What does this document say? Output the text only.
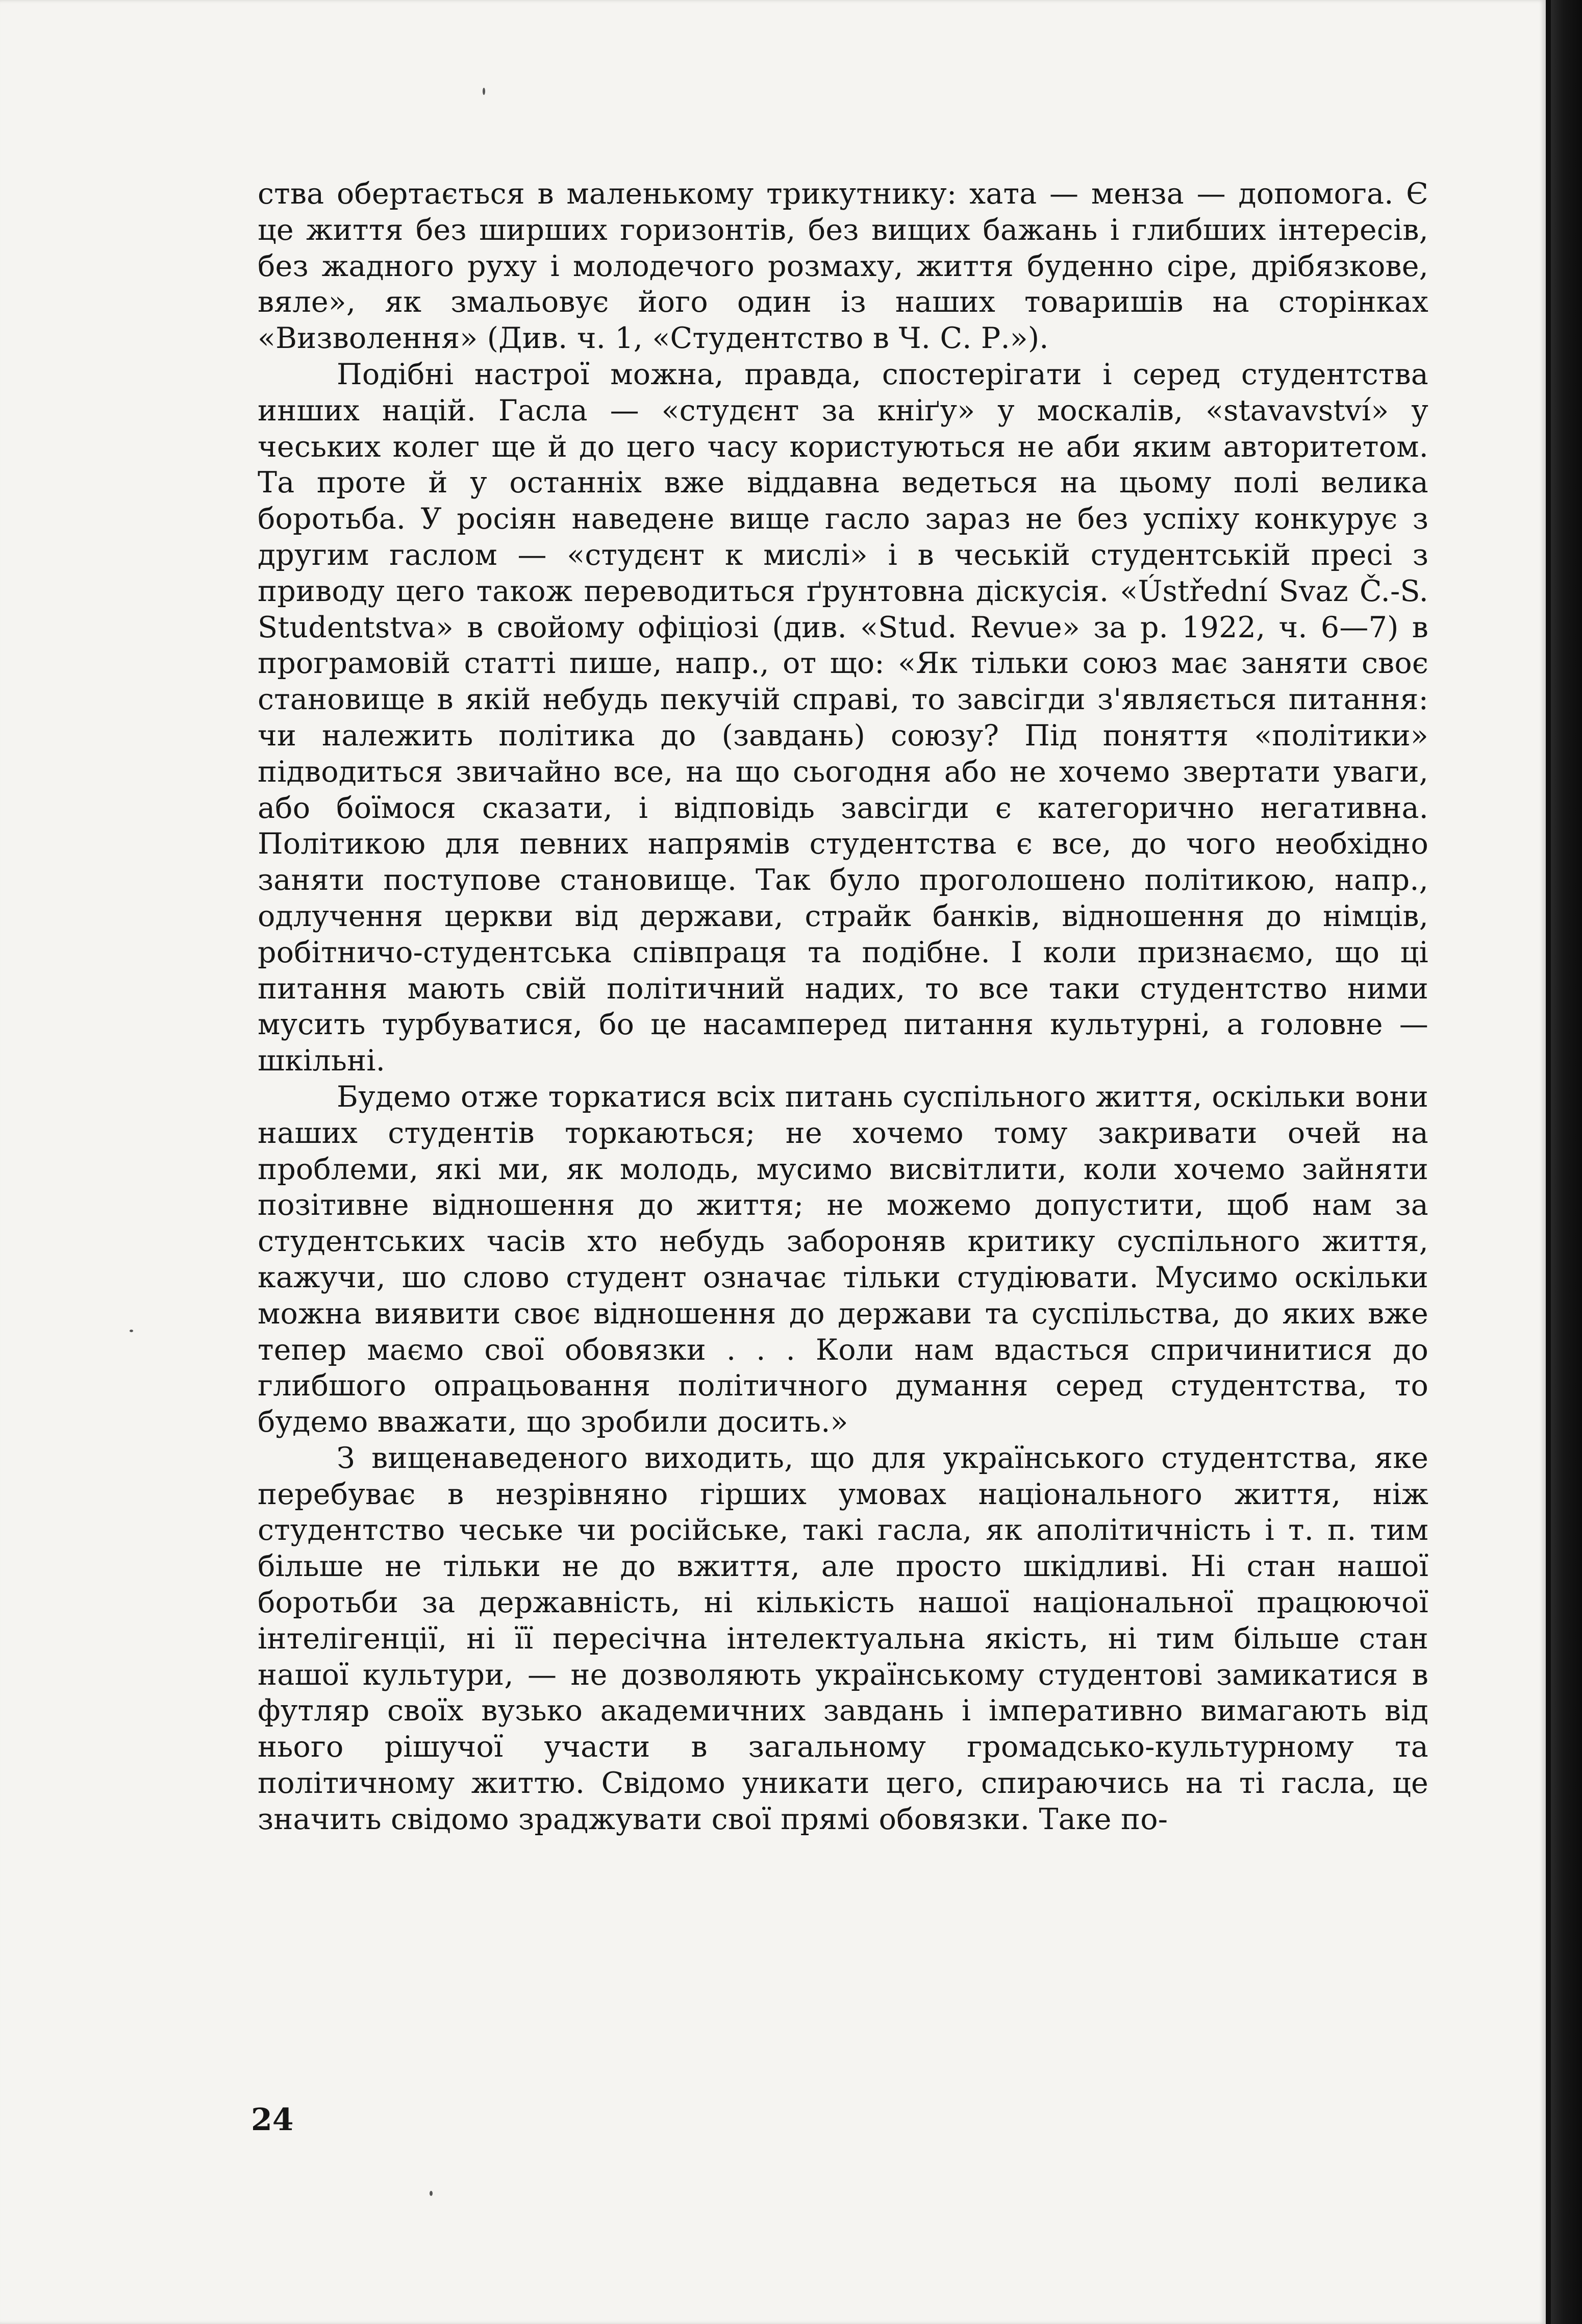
ства обертається в маленькому трикутнику: хата — менза — допомога. Є це життя без ширших горизонтів, без вищих бажань і глибших інтересів, без жадного руху і молодечого розмаху, життя буденно сіре, дрібязкове, вяле», як змальовує його один із наших товаришів на сторінках «Визволення» (Див. ч. 1, «Студентство в Ч. С. Р.»).

Подібні настрої можна, правда, спостерігати і серед студентства инших націй. Гасла — «студєнт за кніґу» у москалів, «stavavství» у чеських колег ще й до цего часу користуються не аби яким авторитетом. Та проте й у останніх вже віддавна ведеться на цьому полі велика боротьба. У росіян наведене вище гасло зараз не без успіху конкурує з другим гаслом — «студєнт к мислі» і в чеській студентській пресі з приводу цего також переводиться ґрунтовна діскусія. «Ústřední Svaz Č.-S. Studentstva» в свойому офіціозі (див. «Stud. Revue» за р. 1922, ч. 6—7) в програмовій статті пише, напр., от що: «Як тільки союз має заняти своє становище в якій небудь пекучій справі, то завсігди з'являється питання: чи належить політика до (завдань) союзу? Під поняття «політики» підводиться звичайно все, на що сьогодня або не хочемо звертати уваги, або боїмося сказати, і відповідь завсігди є категорично негативна. Політикою для певних напрямів студентства є все, до чого необхідно заняти поступове становище. Так було проголошено політикою, напр., одлучення церкви від держави, страйк банків, відношення до німців, робітничо-студентська співпраця та подібне. І коли признаємо, що ці питання мають свій політичний надих, то все таки студентство ними мусить турбуватися, бо це насамперед питання культурні, а головне — шкільні.

Будемо отже торкатися всіх питань суспільного життя, оскільки вони наших студентів торкаються; не хочемо тому закривати очей на проблеми, які ми, як молодь, мусимо висвітлити, коли хочемо зайняти позітивне відношення до життя; не можемо допустити, щоб нам за студентських часів хто небудь забороняв критику суспільного життя, кажучи, шо слово студент означає тільки студіювати. Мусимо оскільки можна виявити своє відношення до держави та суспільства, до яких вже тепер маємо свої обовязки . . . Коли нам вдасться спричинитися до глибшого опрацьовання політичного думання серед студентства, то будемо вважати, що зробили досить.»

З вищенаведеного виходить, що для українського студентства, яке перебуває в незрівняно гірших умовах національного життя, ніж студентство чеське чи російське, такі гасла, як аполітичність і т. п. тим більше не тільки не до вжиття, але просто шкідливі. Ні стан нашої боротьби за державність, ні кількість нашої національної працюючої інтелігенції, ні її пересічна інтелектуальна якість, ні тим більше стан нашої культури, — не дозволяють українському студентові замикатися в футляр своїх вузько академичних завдань і імперативно вимагають від нього рішучої участи в загальному громадсько-культурному та політичному життю. Свідомо уникати цего, спираючись на ті гасла, це значить свідомо зраджувати свої прямі обовязки. Таке по-

24
